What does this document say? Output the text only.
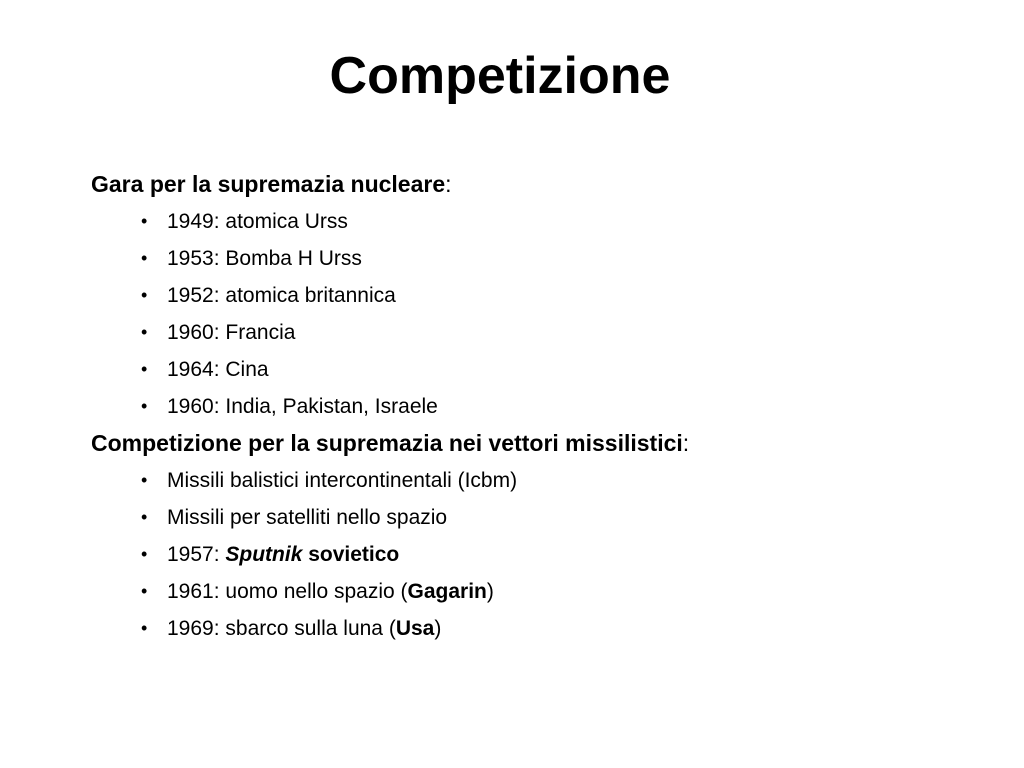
Competizione
Gara per la supremazia nucleare:
• 1949: atomica Urss
• 1953: Bomba H Urss
• 1952: atomica britannica
• 1960: Francia
• 1964: Cina
• 1960: India, Pakistan, Israele
Competizione per la supremazia nei vettori missilistici:
• Missili balistici intercontinentali (Icbm)
• Missili per satelliti nello spazio
• 1957: Sputnik sovietico
• 1961: uomo nello spazio (Gagarin)
• 1969: sbarco sulla luna (Usa)
